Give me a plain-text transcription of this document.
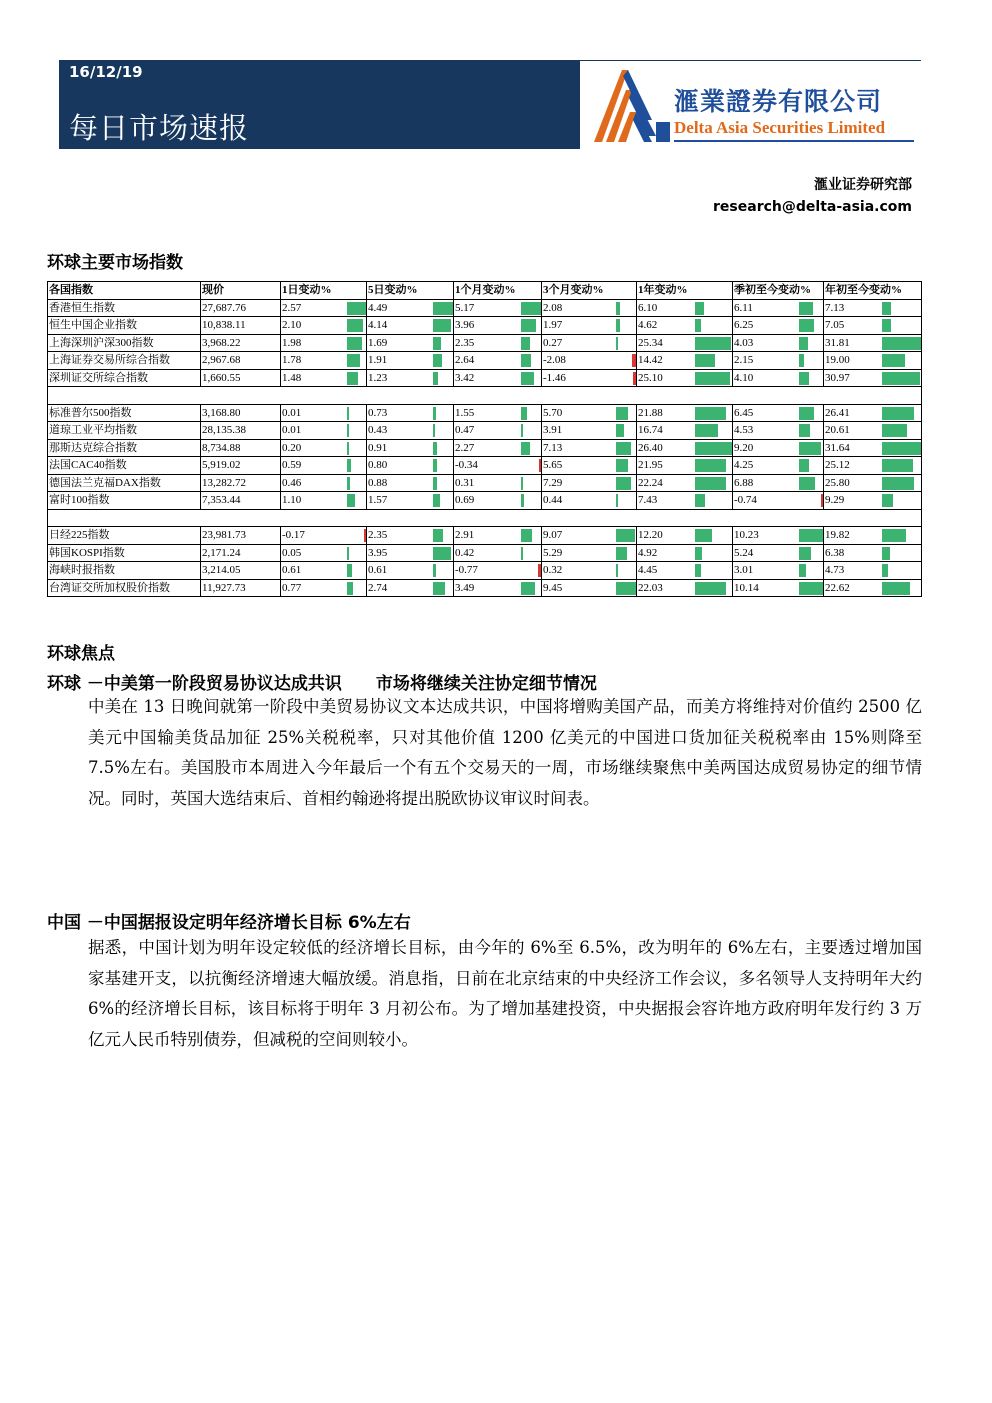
16/12/19
每日市场速报
滙業證券有限公司
Delta Asia Securities Limited
滙业证券研究部
research@delta-asia.com
环球主要市场指数
各国指数	现价	1日变动%		5日变动%		1个月变动%		3个月变动%		1年变动%		季初至今变动%		年初至今变动%	
香港恒生指数	27,687.76	2.57		4.49		5.17		2.08		6.10		6.11		7.13	

恒生中国企业指数	10,838.11	2.10		4.14		3.96		1.97		4.62		6.25		7.05	

上海深圳沪深300指数	3,968.22	1.98		1.69		2.35		0.27		25.34		4.03		31.81	

上海证券交易所综合指数	2,967.68	1.78		1.91		2.64		-2.08		14.42		2.15		19.00	

深圳证交所综合指数	1,660.55	1.48		1.23		3.42		-1.46		25.10		4.10		30.97	

标准普尔500指数	3,168.80	0.01		0.73		1.55		5.70		21.88		6.45		26.41	

道琼工业平均指数	28,135.38	0.01		0.43		0.47		3.91		16.74		4.53		20.61	

那斯达克综合指数	8,734.88	0.20		0.91		2.27		7.13		26.40		9.20		31.64	

法国CAC40指数	5,919.02	0.59		0.80		-0.34		5.65		21.95		4.25		25.12	

德国法兰克福DAX指数	13,282.72	0.46		0.88		0.31		7.29		22.24		6.88		25.80	

富时100指数	7,353.44	1.10		1.57		0.69		0.44		7.43		-0.74		9.29	

日经225指数	23,981.73	-0.17		2.35		2.91		9.07		12.20		10.23		19.82	

韩国KOSPI指数	2,171.24	0.05		3.95		0.42		5.29		4.92		5.24		6.38	

海峡时报指数	3,214.05	0.61		0.61		-0.77		0.32		4.45		3.01		4.73	

台湾证交所加权股价指数	11,927.73	0.77		2.74		3.49		9.45		22.03		10.14		22.62	
环球焦点
环球 －中美第一阶段贸易协议达成共识　　市场将继续关注协定细节情况
中美在 13 日晚间就第一阶段中美贸易协议文本达成共识，中国将增购美国产品，而美方将维持对价值约 2500 亿美元中国输美货品加征 25%关税税率，只对其他价值 1200 亿美元的中国进口货加征关税税率由 15%则降至 7.5%左右。美国股市本周进入今年最后一个有五个交易天的一周，市场继续聚焦中美两国达成贸易协定的细节情况。同时，英国大选结束后、首相约翰逊将提出脱欧协议审议时间表。
中国 －中国据报设定明年经济增长目标 6%左右
据悉，中国计划为明年设定较低的经济增长目标，由今年的 6%至 6.5%，改为明年的 6%左右，主要透过增加国家基建开支，以抗衡经济增速大幅放缓。消息指，日前在北京结束的中央经济工作会议，多名领导人支持明年大约 6%的经济增长目标，该目标将于明年 3 月初公布。为了增加基建投资，中央据报会容许地方政府明年发行约 3 万亿元人民币特别债券，但减税的空间则较小。
